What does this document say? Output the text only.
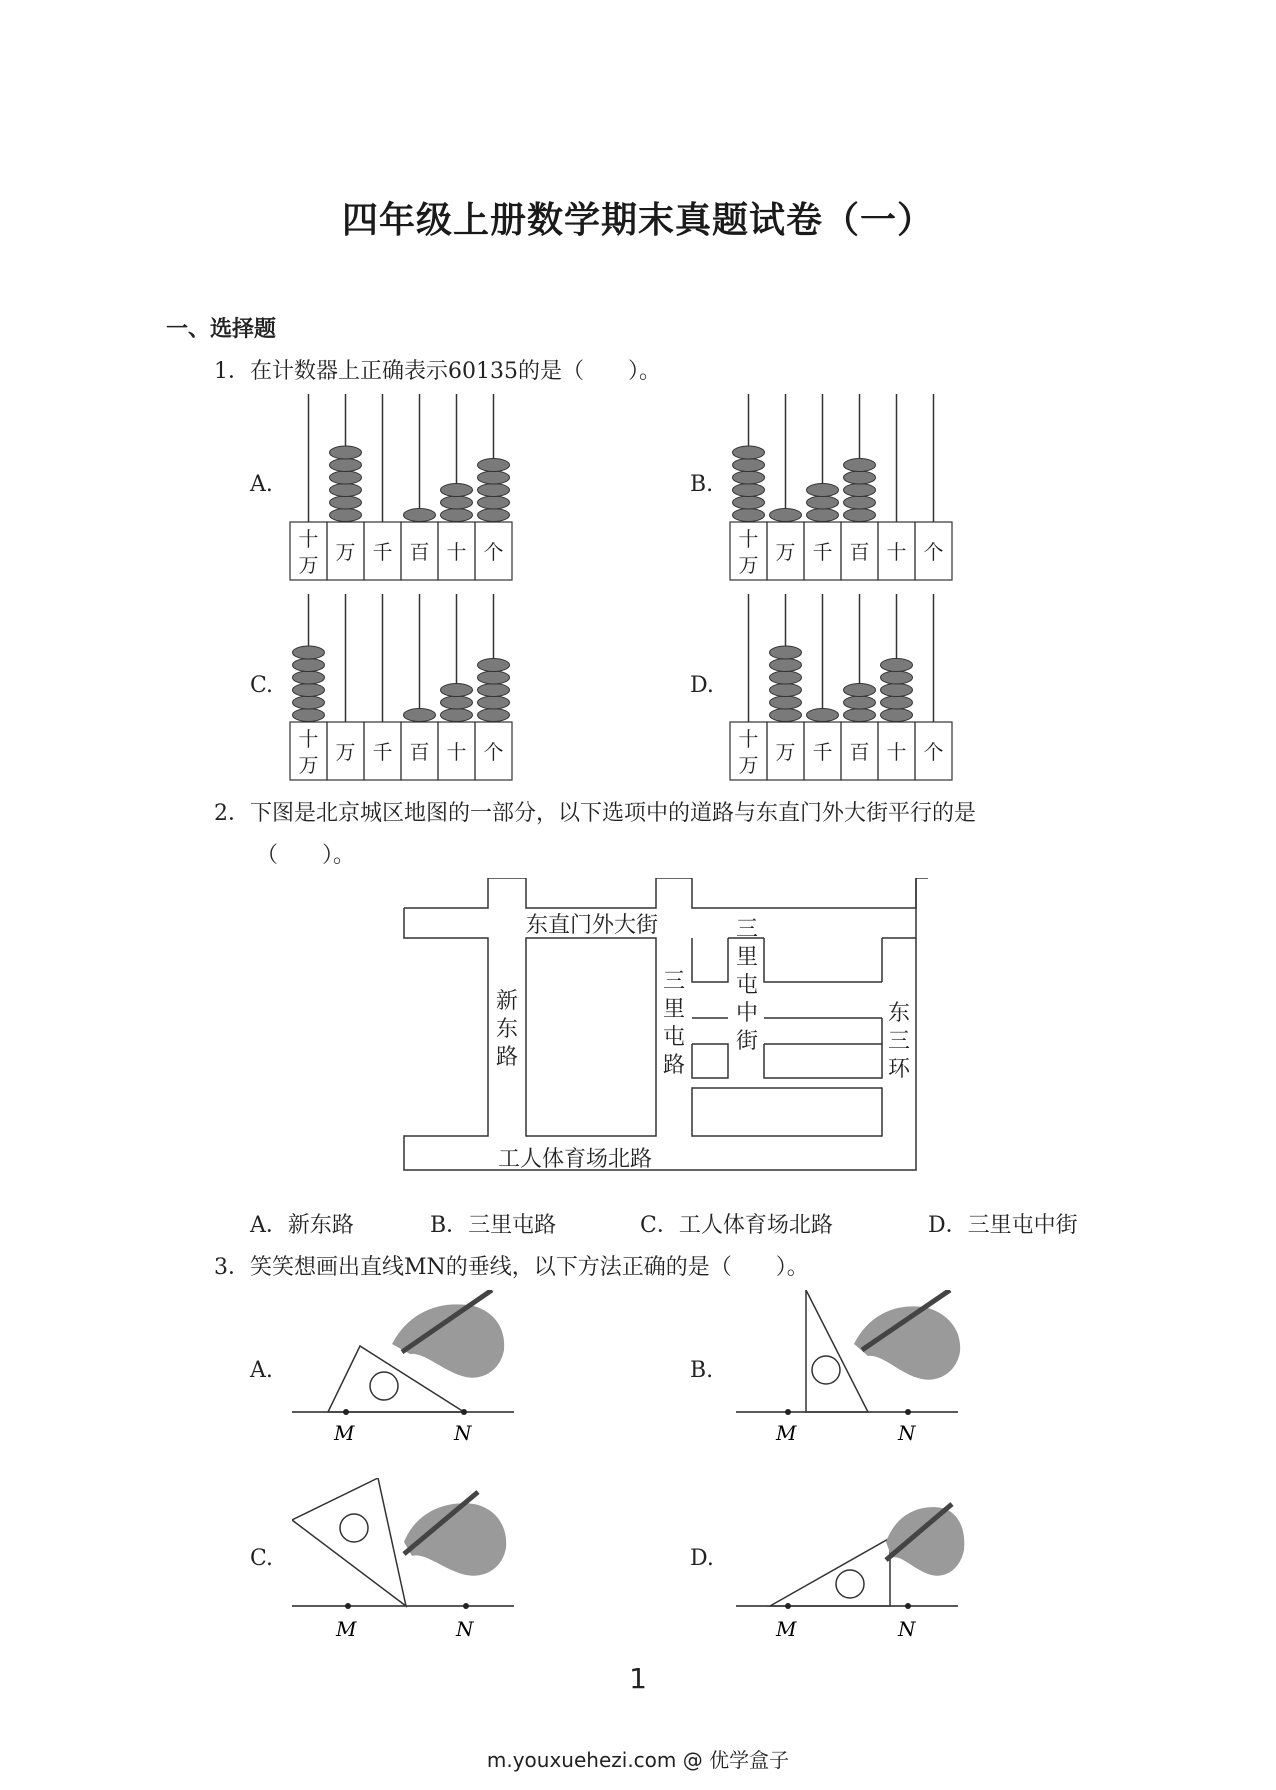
四年级上册数学期末真题试卷（一）
一、选择题
1．在计数器上正确表示60135的是（　　）。
A.	B.
C.	D.
十
万
万 千 百 十 个
十
万
万 千 百 十 个
十
万
万 千 百 十 个
十
万
万 千 百 十 个
2．下图是北京城区地图的一部分，以下选项中的道路与东直门外大街平行的是
（　　）。
东直门外大街
工人体育场北路
新
东
路
三
里
屯
路
三
里
屯
中
街
东
三
环
A．新东路	B．三里屯路	C．工人体育场北路	D．三里屯中街
3．笑笑想画出直线MN的垂线，以下方法正确的是（　　）。
A.	B.
C.	D.
M	N	M	N
M	N	M	N
1
m.youxuehezi.com @ 优学盒子
